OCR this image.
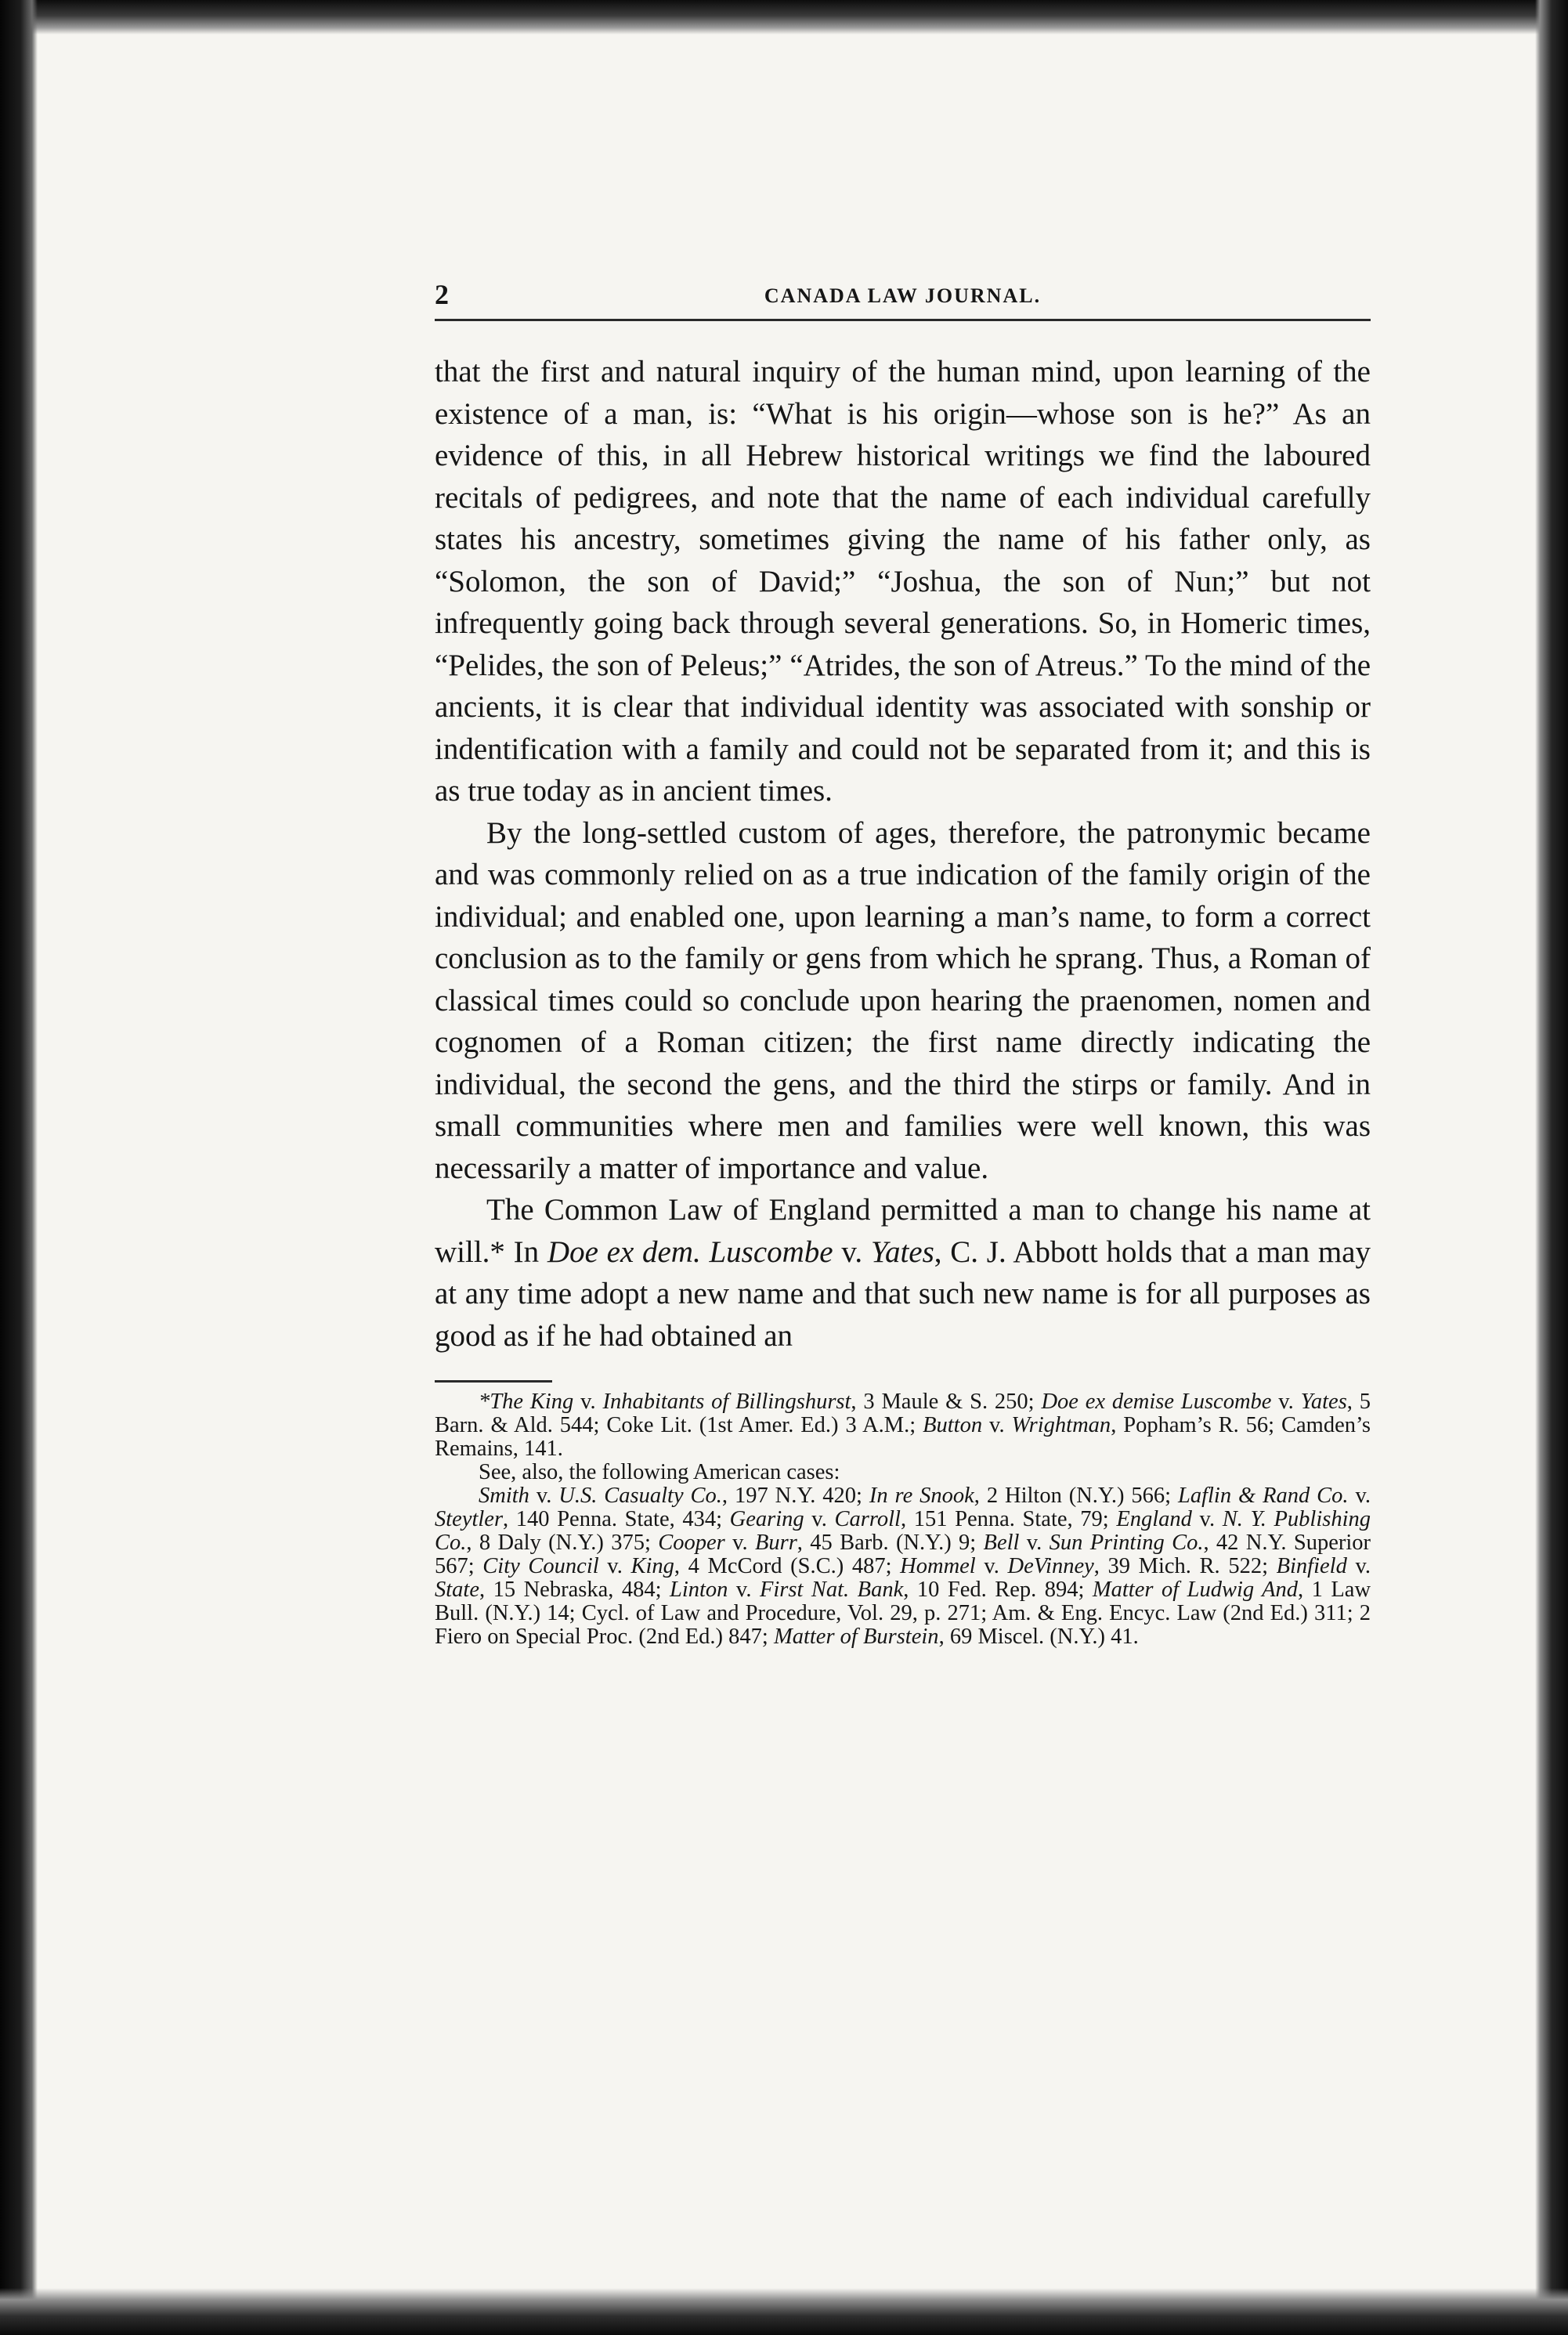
2	CANADA LAW JOURNAL.

that the first and natural inquiry of the human mind, upon learning of the existence of a man, is: “What is his origin—whose son is he?” As an evidence of this, in all Hebrew historical writings we find the laboured recitals of pedigrees, and note that the name of each individual carefully states his ancestry, sometimes giving the name of his father only, as “Solomon, the son of David;” “Joshua, the son of Nun;” but not infrequently going back through several generations. So, in Homeric times, “Pelides, the son of Peleus;” “Atrides, the son of Atreus.” To the mind of the ancients, it is clear that individual identity was associated with sonship or indentification with a family and could not be separated from it; and this is as true today as in ancient times.

By the long-settled custom of ages, therefore, the patronymic became and was commonly relied on as a true indication of the family origin of the individual; and enabled one, upon learning a man’s name, to form a correct conclusion as to the family or gens from which he sprang. Thus, a Roman of classical times could so conclude upon hearing the praenomen, nomen and cognomen of a Roman citizen; the first name directly indicating the individual, the second the gens, and the third the stirps or family. And in small communities where men and families were well known, this was necessarily a matter of importance and value.

The Common Law of England permitted a man to change his name at will.* In Doe ex dem. Luscombe v. Yates, C. J. Abbott holds that a man may at any time adopt a new name and that such new name is for all purposes as good as if he had obtained an

*The King v. Inhabitants of Billingshurst, 3 Maule & S. 250; Doe ex demise Luscombe v. Yates, 5 Barn. & Ald. 544; Coke Lit. (1st Amer. Ed.) 3 A.M.; Button v. Wrightman, Popham’s R. 56; Camden’s Remains, 141.

See, also, the following American cases:

Smith v. U.S. Casualty Co., 197 N.Y. 420; In re Snook, 2 Hilton (N.Y.) 566; Laflin & Rand Co. v. Steytler, 140 Penna. State, 434; Gearing v. Carroll, 151 Penna. State, 79; England v. N. Y. Publishing Co., 8 Daly (N.Y.) 375; Cooper v. Burr, 45 Barb. (N.Y.) 9; Bell v. Sun Printing Co., 42 N.Y. Superior 567; City Council v. King, 4 McCord (S.C.) 487; Hommel v. DeVinney, 39 Mich. R. 522; Binfield v. State, 15 Nebraska, 484; Linton v. First Nat. Bank, 10 Fed. Rep. 894; Matter of Ludwig And, 1 Law Bull. (N.Y.) 14; Cycl. of Law and Procedure, Vol. 29, p. 271; Am. & Eng. Encyc. Law (2nd Ed.) 311; 2 Fiero on Special Proc. (2nd Ed.) 847; Matter of Burstein, 69 Miscel. (N.Y.) 41.
